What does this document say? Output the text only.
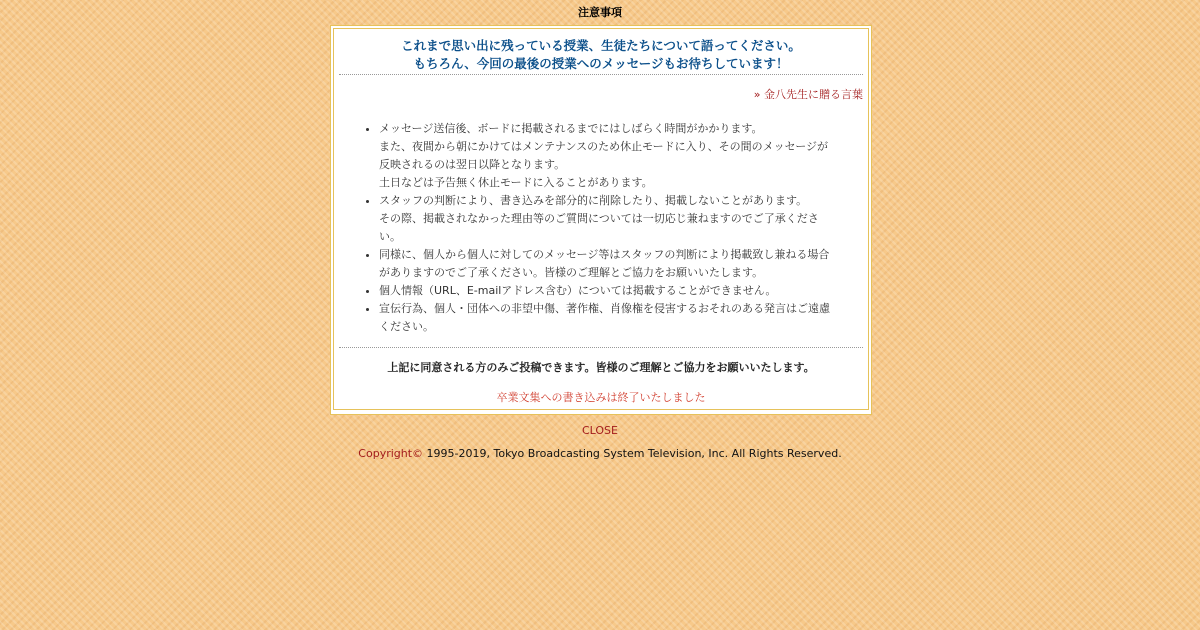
注意事項
これまで思い出に残っている授業、生徒たちについて語ってください。
もちろん、今回の最後の授業へのメッセージもお待ちしています！
» 金八先生に贈る言葉
• メッセージ送信後、ボードに掲載されるまでにはしばらく時間がかかります。
また、夜間から朝にかけてはメンテナンスのため休止モードに入り、その間のメッセージが
反映されるのは翌日以降となります。
土日などは予告無く休止モードに入ることがあります。
• スタッフの判断により、書き込みを部分的に削除したり、掲載しないことがあります。
その際、掲載されなかった理由等のご質問については一切応じ兼ねますのでご了承くださ
い。
• 同様に、個人から個人に対してのメッセージ等はスタッフの判断により掲載致し兼ねる場合
がありますのでご了承ください。皆様のご理解とご協力をお願いいたします。
• 個人情報（URL、E-mailアドレス含む）については掲載することができません。
• 宣伝行為、個人・団体への非望中傷、著作権、肖像権を侵害するおそれのある発言はご遠慮
ください。
上記に同意される方のみご投稿できます。皆様のご理解とご協力をお願いいたします。
卒業文集への書き込みは終了いたしました
CLOSE
Copyright© 1995-2019, Tokyo Broadcasting System Television, Inc. All Rights Reserved.
